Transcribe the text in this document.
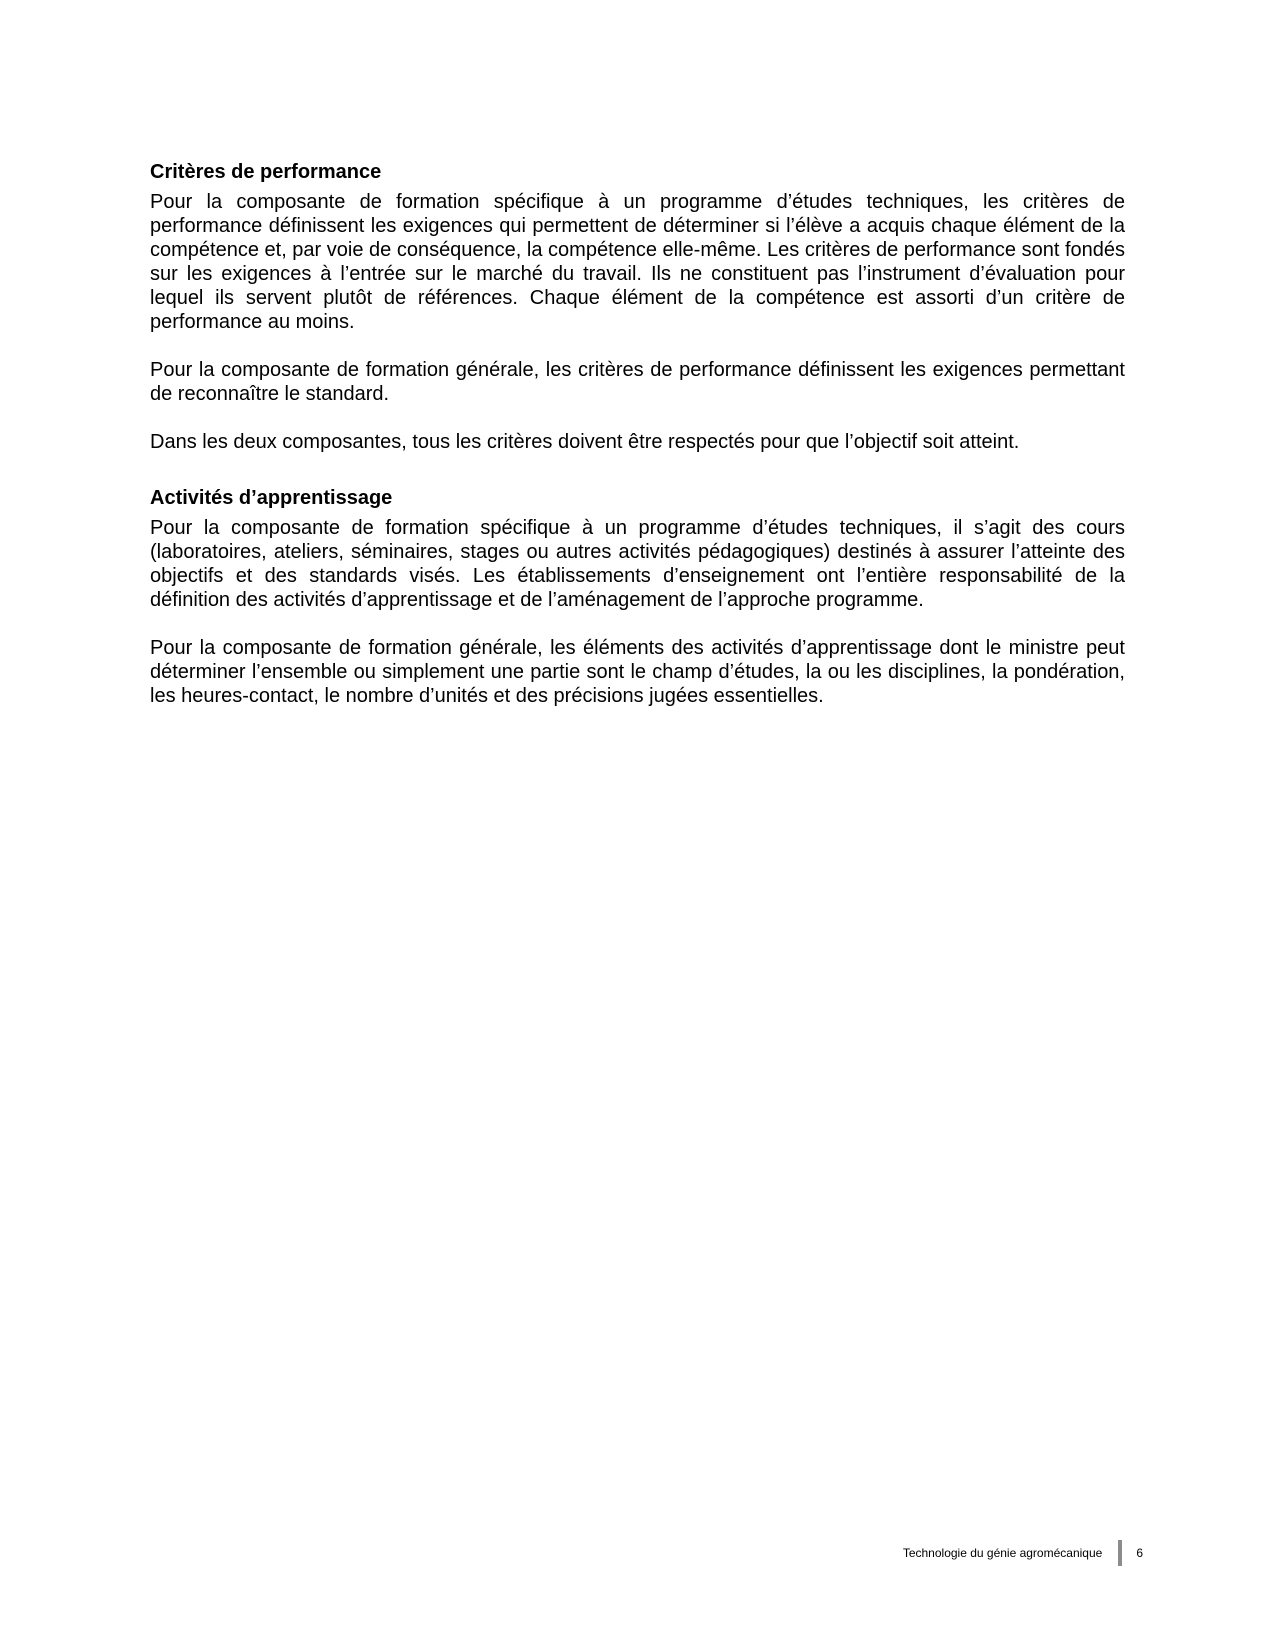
Critères de performance

Pour la composante de formation spécifique à un programme d’études techniques, les critères de performance définissent les exigences qui permettent de déterminer si l’élève a acquis chaque élément de la compétence et, par voie de conséquence, la compétence elle-même. Les critères de performance sont fondés sur les exigences à l’entrée sur le marché du travail. Ils ne constituent pas l’instrument d’évaluation pour lequel ils servent plutôt de références. Chaque élément de la compétence est assorti d’un critère de performance au moins.

Pour la composante de formation générale, les critères de performance définissent les exigences permettant de reconnaître le standard.

Dans les deux composantes, tous les critères doivent être respectés pour que l’objectif soit atteint.

Activités d’apprentissage

Pour la composante de formation spécifique à un programme d’études techniques, il s’agit des cours (laboratoires, ateliers, séminaires, stages ou autres activités pédagogiques) destinés à assurer l’atteinte des objectifs et des standards visés. Les établissements d’enseignement ont l’entière responsabilité de la définition des activités d’apprentissage et de l’aménagement de l’approche programme.

Pour la composante de formation générale, les éléments des activités d’apprentissage dont le ministre peut déterminer l’ensemble ou simplement une partie sont le champ d’études, la ou les disciplines, la pondération, les heures-contact, le nombre d’unités et des précisions jugées essentielles.

Technologie du génie agromécanique	6
